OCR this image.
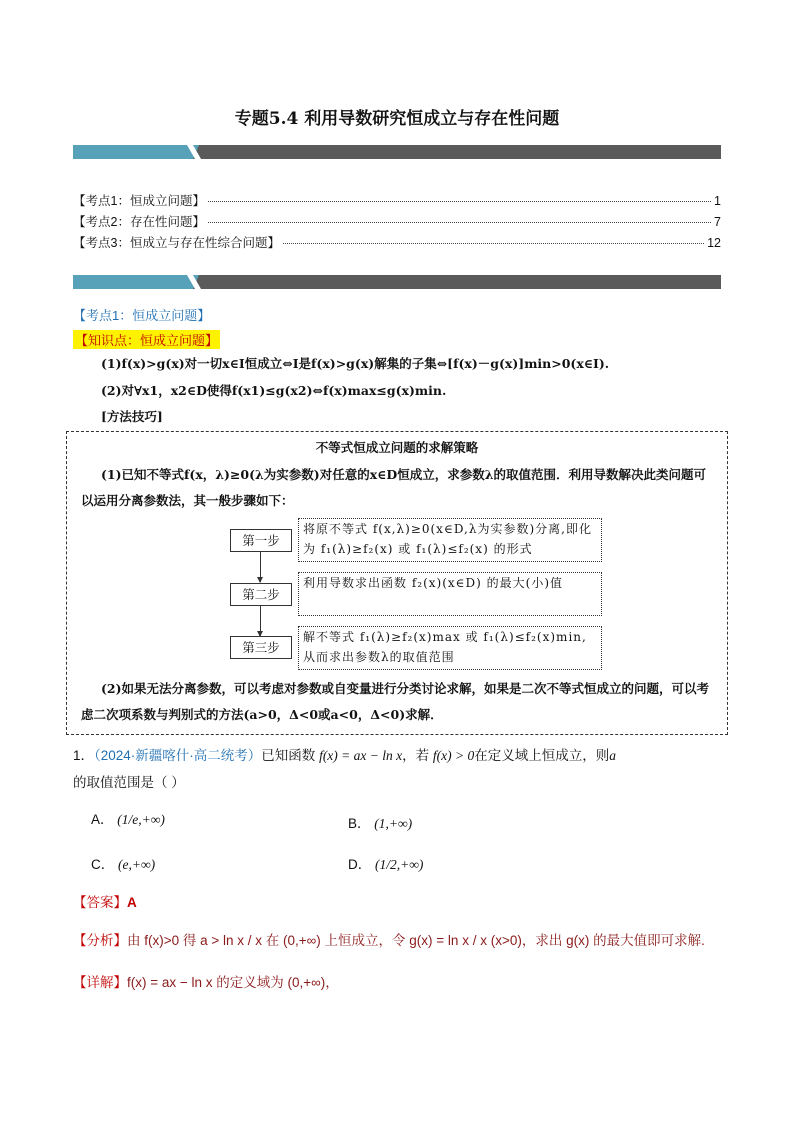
专题5.4 利用导数研究恒成立与存在性问题
【考点1：恒成立问题】	1
【考点2：存在性问题】	7
【考点3：恒成立与存在性综合问题】	12
【考点1：恒成立问题】
【知识点：恒成立问题】
(1)f(x)>g(x)对一切x∈I恒成立⇔I是f(x)>g(x)解集的子集⇔[f(x)－g(x)]min>0(x∈I).
(2)对∀x1，x2∈D使得f(x1)≤g(x2)⇔f(x)max≤g(x)min.
[方法技巧]
不等式恒成立问题的求解策略
(1)已知不等式f(x，λ)≥0(λ为实参数)对任意的x∈D恒成立，求参数λ的取值范围．利用导数解决此类问题可以运用分离参数法，其一般步骤如下：
第一步
将原不等式 f(x,λ)≥0(x∈D,λ为实参数)分离,即化为 f₁(λ)≥f₂(x) 或 f₁(λ)≤f₂(x) 的形式
第二步
利用导数求出函数 f₂(x)(x∈D) 的最大(小)值
第三步
解不等式 f₁(λ)≥f₂(x)max 或 f₁(λ)≤f₂(x)min,从而求出参数λ的取值范围
(2)如果无法分离参数，可以考虑对参数或自变量进行分类讨论求解，如果是二次不等式恒成立的问题，可以考虑二次项系数与判别式的方法(a>0，Δ<0或a<0，Δ<0)求解．
1．（2024·新疆喀什·高二统考）已知函数 f(x) = ax − ln x，若 f(x) > 0在定义域上恒成立，则a的取值范围是（ ）
A． (1/e,+∞)	B． (1,+∞)
C． (e,+∞)	D． (1/2,+∞)
【答案】A
【分析】由 f(x)>0 得 a > ln x / x 在 (0,+∞) 上恒成立，令 g(x) = ln x / x (x>0)，求出 g(x) 的最大值即可求解.
【详解】f(x) = ax − ln x 的定义域为 (0,+∞)，
